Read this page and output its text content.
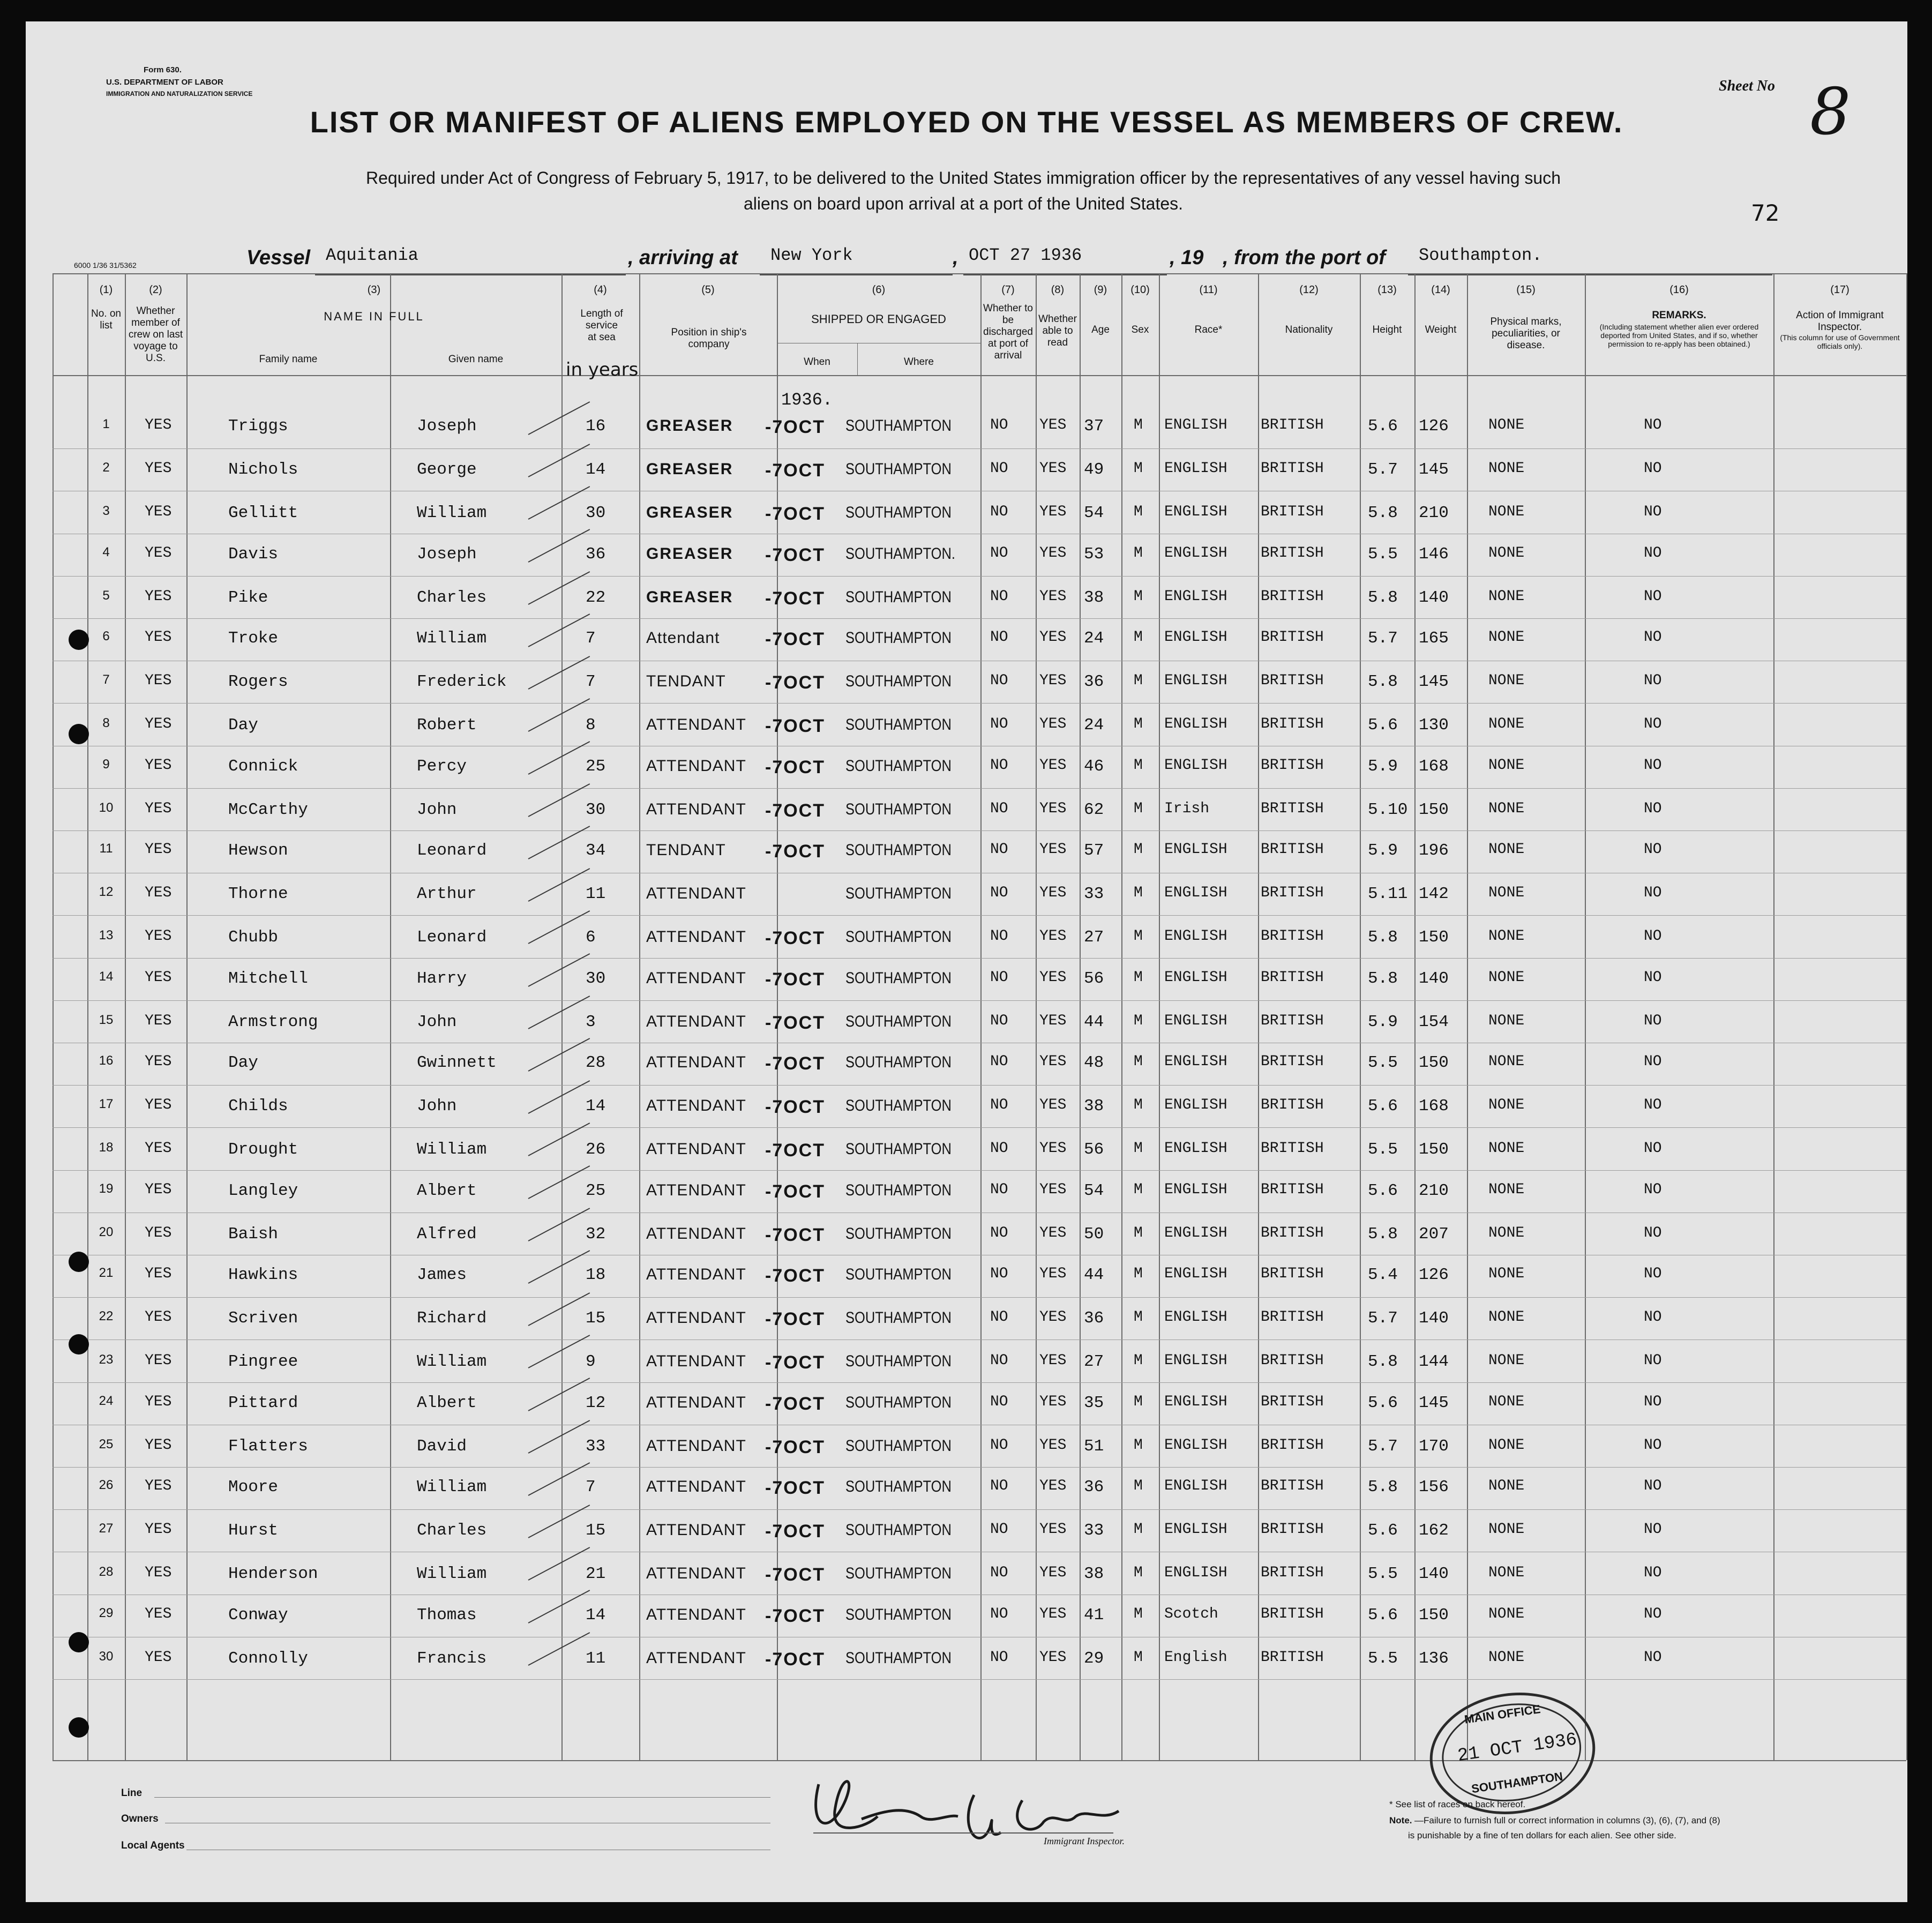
Form 630.
U.S. DEPARTMENT OF LABOR
IMMIGRATION AND NATURALIZATION SERVICE	Sheet No 8
72
6000 1/36 31/5362
LIST OR MANIFEST OF ALIENS EMPLOYED ON THE VESSEL AS MEMBERS OF CREW.
Required under Act of Congress of February 5, 1917, to be delivered to the United States immigration officer by the representatives of any vessel having such
aliens on board upon arrival at a port of the United States.
Vessel Aquitania	, arriving at New York	, OCT 27 1936	, 19 , from the port of Southampton.
(1)
No. on list
(2)
Whether member of crew on last voyage to U.S.
(3)
NAME IN FULL
Family name	Given name
(4)
Length of service at sea
in years
(5)
Position in ship's company
(6)
SHIPPED OR ENGAGED
When	Where
(7)
Whether to be discharged at port of arrival
(8)
Whether able to read
(9)
Age
(10)
Sex
(11)
Race*
(12)
Nationality
(13)
Height
(14)
Weight
(15)
Physical marks, peculiarities, or disease.
(16)
REMARKS.
(Including statement whether alien ever ordered deported from United States, and if so, whether permission to re-apply has been obtained.)
(17)
Action of Immigrant Inspector.
(This column for use of Government officials only).
1936.
1	YES	Triggs	Joseph	16	GREASER -7OCT SOUTHAMPTON	NO YES 37 M ENGLISH BRITISH	5.6 126	NONE	NO
2	YES	Nichols	George	14	GREASER -7OCT SOUTHAMPTON	NO YES 49 M ENGLISH BRITISH	5.7 145	NONE	NO
3	YES	Gellitt	William	30	GREASER -7OCT SOUTHAMPTON	NO YES 54 M ENGLISH BRITISH	5.8 210	NONE	NO
4	YES	Davis	Joseph	36	GREASER -7OCT SOUTHAMPTON. NO YES 53 M ENGLISH BRITISH	5.5 146	NONE	NO
5	YES	Pike	Charles	22	GREASER -7OCT SOUTHAMPTON	NO YES 38 M ENGLISH BRITISH	5.8 140	NONE	NO
6	YES	Troke	William	7	Attendant -7OCT SOUTHAMPTON	NO YES 24 M ENGLISH BRITISH	5.7 165	NONE	NO
7	YES	Rogers	Frederick	7	TENDANT -7OCT SOUTHAMPTON	NO YES 36 M ENGLISH BRITISH	5.8 145	NONE	NO
8	YES	Day	Robert	8	ATTENDANT -7OCT SOUTHAMPTON	NO YES 24 M ENGLISH BRITISH	5.6 130	NONE	NO
9	YES	Connick	Percy	25	ATTENDANT -7OCT SOUTHAMPTON	NO YES 46 M ENGLISH BRITISH	5.9 168	NONE	NO
10	YES	McCarthy	John	30	ATTENDANT -7OCT SOUTHAMPTON	NO YES 62 M Irish	BRITISH	5.10 150	NONE	NO
11	YES	Hewson	Leonard	34	TENDANT -7OCT SOUTHAMPTON	NO YES 57 M ENGLISH BRITISH	5.9 196	NONE	NO
12	YES	Thorne	Arthur	11	ATTENDANT	SOUTHAMPTON	NO YES 33 M ENGLISH BRITISH	5.11 142	NONE	NO
13	YES	Chubb	Leonard	6	ATTENDANT -7OCT SOUTHAMPTON	NO YES 27 M ENGLISH BRITISH	5.8 150	NONE	NO
14	YES	Mitchell	Harry	30	ATTENDANT -7OCT SOUTHAMPTON	NO YES 56 M ENGLISH BRITISH	5.8 140	NONE	NO
15	YES	Armstrong	John	3	ATTENDANT -7OCT SOUTHAMPTON	NO YES 44 M ENGLISH BRITISH	5.9 154	NONE	NO
16	YES	Day	Gwinnett	28	ATTENDANT -7OCT SOUTHAMPTON	NO YES 48 M ENGLISH BRITISH	5.5 150	NONE	NO
17	YES	Childs	John	14	ATTENDANT -7OCT SOUTHAMPTON	NO YES 38 M ENGLISH BRITISH	5.6 168	NONE	NO
18	YES	Drought	William	26	ATTENDANT -7OCT SOUTHAMPTON	NO YES 56 M ENGLISH BRITISH	5.5 150	NONE	NO
19	YES	Langley	Albert	25	ATTENDANT -7OCT SOUTHAMPTON	NO YES 54 M ENGLISH BRITISH	5.6 210	NONE	NO
20	YES	Baish	Alfred	32	ATTENDANT -7OCT SOUTHAMPTON	NO YES 50 M ENGLISH BRITISH	5.8 207	NONE	NO
21	YES	Hawkins	James	18	ATTENDANT -7OCT SOUTHAMPTON	NO YES 44 M ENGLISH BRITISH	5.4 126	NONE	NO
22	YES	Scriven	Richard	15	ATTENDANT -7OCT SOUTHAMPTON	NO YES 36 M ENGLISH BRITISH	5.7 140	NONE	NO
23	YES	Pingree	William	9	ATTENDANT -7OCT SOUTHAMPTON	NO YES 27 M ENGLISH BRITISH	5.8 144	NONE	NO
24	YES	Pittard	Albert	12	ATTENDANT -7OCT SOUTHAMPTON	NO YES 35 M ENGLISH BRITISH	5.6 145	NONE	NO
25	YES	Flatters	David	33	ATTENDANT -7OCT SOUTHAMPTON	NO YES 51 M ENGLISH BRITISH	5.7 170	NONE	NO
26	YES	Moore	William	7	ATTENDANT -7OCT SOUTHAMPTON	NO YES 36 M ENGLISH BRITISH	5.8 156	NONE	NO
27	YES	Hurst	Charles	15	ATTENDANT -7OCT SOUTHAMPTON	NO YES 33 M ENGLISH BRITISH	5.6 162	NONE	NO
28	YES	Henderson	William	21	ATTENDANT -7OCT SOUTHAMPTON	NO YES 38 M ENGLISH BRITISH	5.5 140	NONE	NO
29	YES	Conway	Thomas	14	ATTENDANT -7OCT SOUTHAMPTON	NO YES 41 M Scotch	BRITISH	5.6 150	NONE	NO
30	YES	Connolly	Francis	11	ATTENDANT -7OCT SOUTHAMPTON	NO YES 29 M English BRITISH	5.5 136	NONE	NO
Line
Owners
Local Agents	Immigrant Inspector.
MAIN OFFICE
21 OCT 1936
SOUTHAMPTON
* See list of races on back hereof.
Note. —Failure to furnish full or correct information in columns (3), (6), (7), and (8)
is punishable by a fine of ten dollars for each alien. See other side.
